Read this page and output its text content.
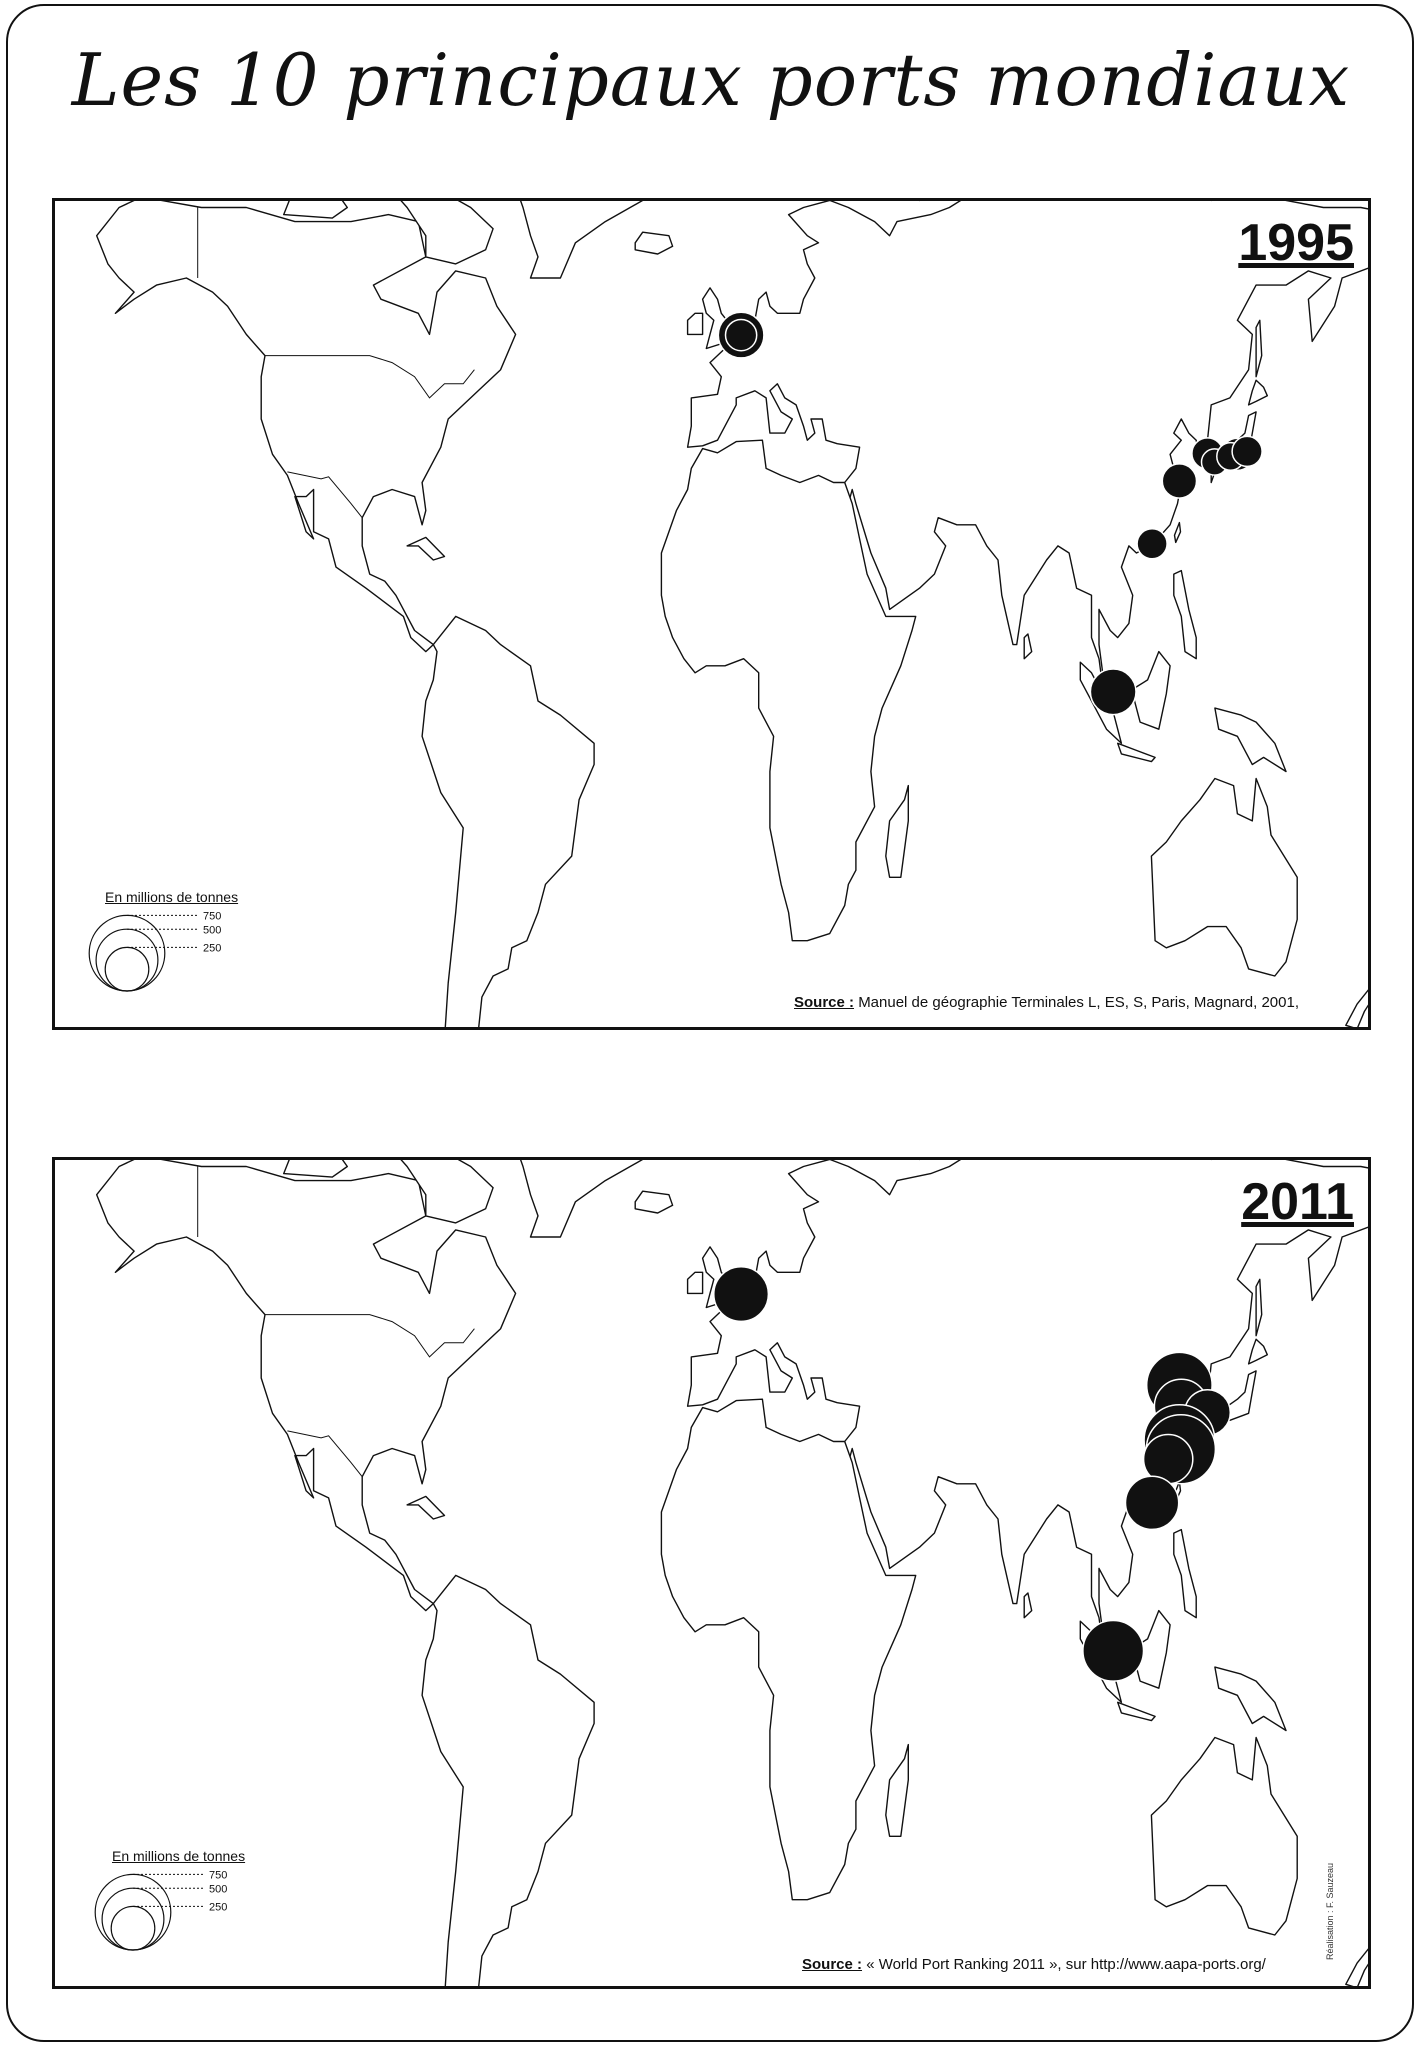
Les 10 principaux ports mondiaux
1995
En millions de tonnes
750
500
250
Source : Manuel de géographie Terminales L, ES, S, Paris, Magnard, 2001,
2011
En millions de tonnes
750
500
250
Source : « World Port Ranking 2011 », sur http://www.aapa-ports.org/
Réalisation : F. Sauzeau
